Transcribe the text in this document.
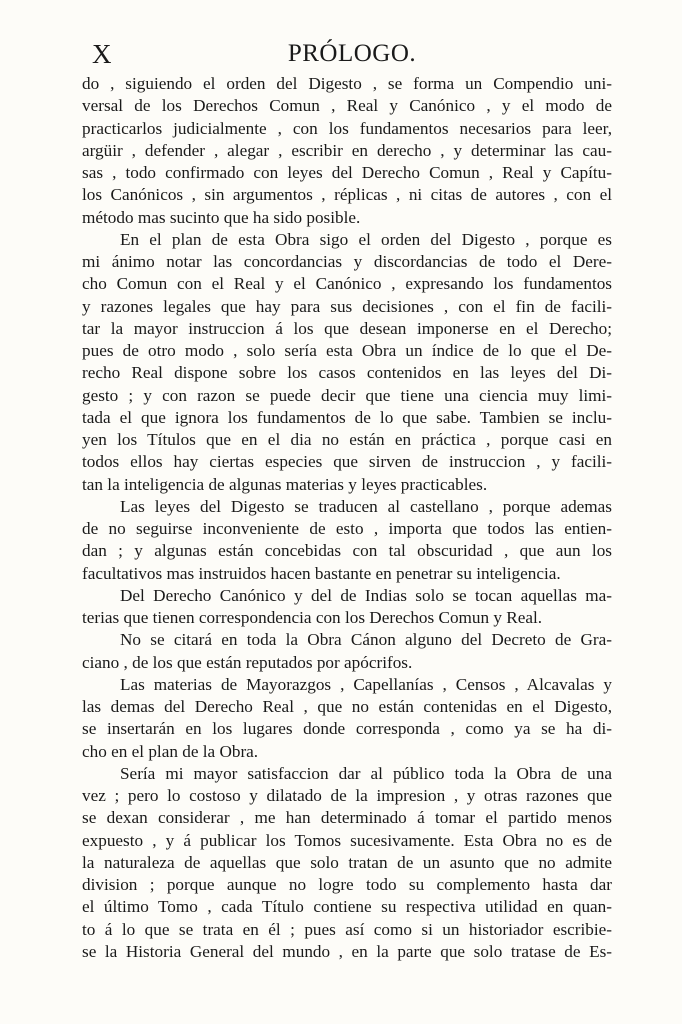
X	PRÓLOGO.
do , siguiendo el orden del Digesto , se forma un Compendio uni-
versal de los Derechos Comun , Real y Canónico , y el modo de
practicarlos judicialmente , con los fundamentos necesarios para leer,
argüir , defender , alegar , escribir en derecho , y determinar las cau-
sas , todo confirmado con leyes del Derecho Comun , Real y Capítu-
los Canónicos , sin argumentos , réplicas , ni citas de autores , con el
método mas sucinto que ha sido posible.
En el plan de esta Obra sigo el orden del Digesto , porque es
mi ánimo notar las concordancias y discordancias de todo el Dere-
cho Comun con el Real y el Canónico , expresando los fundamentos
y razones legales que hay para sus decisiones , con el fin de facili-
tar la mayor instruccion á los que desean imponerse en el Derecho;
pues de otro modo , solo sería esta Obra un índice de lo que el De-
recho Real dispone sobre los casos contenidos en las leyes del Di-
gesto ; y con razon se puede decir que tiene una ciencia muy limi-
tada el que ignora los fundamentos de lo que sabe. Tambien se inclu-
yen los Títulos que en el dia no están en práctica , porque casi en
todos ellos hay ciertas especies que sirven de instruccion , y facili-
tan la inteligencia de algunas materias y leyes practicables.
Las leyes del Digesto se traducen al castellano , porque ademas
de no seguirse inconveniente de esto , importa que todos las entien-
dan ; y algunas están concebidas con tal obscuridad , que aun los
facultativos mas instruidos hacen bastante en penetrar su inteligencia.
Del Derecho Canónico y del de Indias solo se tocan aquellas ma-
terias que tienen correspondencia con los Derechos Comun y Real.
No se citará en toda la Obra Cánon alguno del Decreto de Gra-
ciano , de los que están reputados por apócrifos.
Las materias de Mayorazgos , Capellanías , Censos , Alcavalas y
las demas del Derecho Real , que no están contenidas en el Digesto,
se insertarán en los lugares donde corresponda , como ya se ha di-
cho en el plan de la Obra.
Sería mi mayor satisfaccion dar al público toda la Obra de una
vez ; pero lo costoso y dilatado de la impresion , y otras razones que
se dexan considerar , me han determinado á tomar el partido menos
expuesto , y á publicar los Tomos sucesivamente. Esta Obra no es de
la naturaleza de aquellas que solo tratan de un asunto que no admite
division ; porque aunque no logre todo su complemento hasta dar
el último Tomo , cada Título contiene su respectiva utilidad en quan-
to á lo que se trata en él ; pues así como si un historiador escribie-
se la Historia General del mundo , en la parte que solo tratase de Es-
